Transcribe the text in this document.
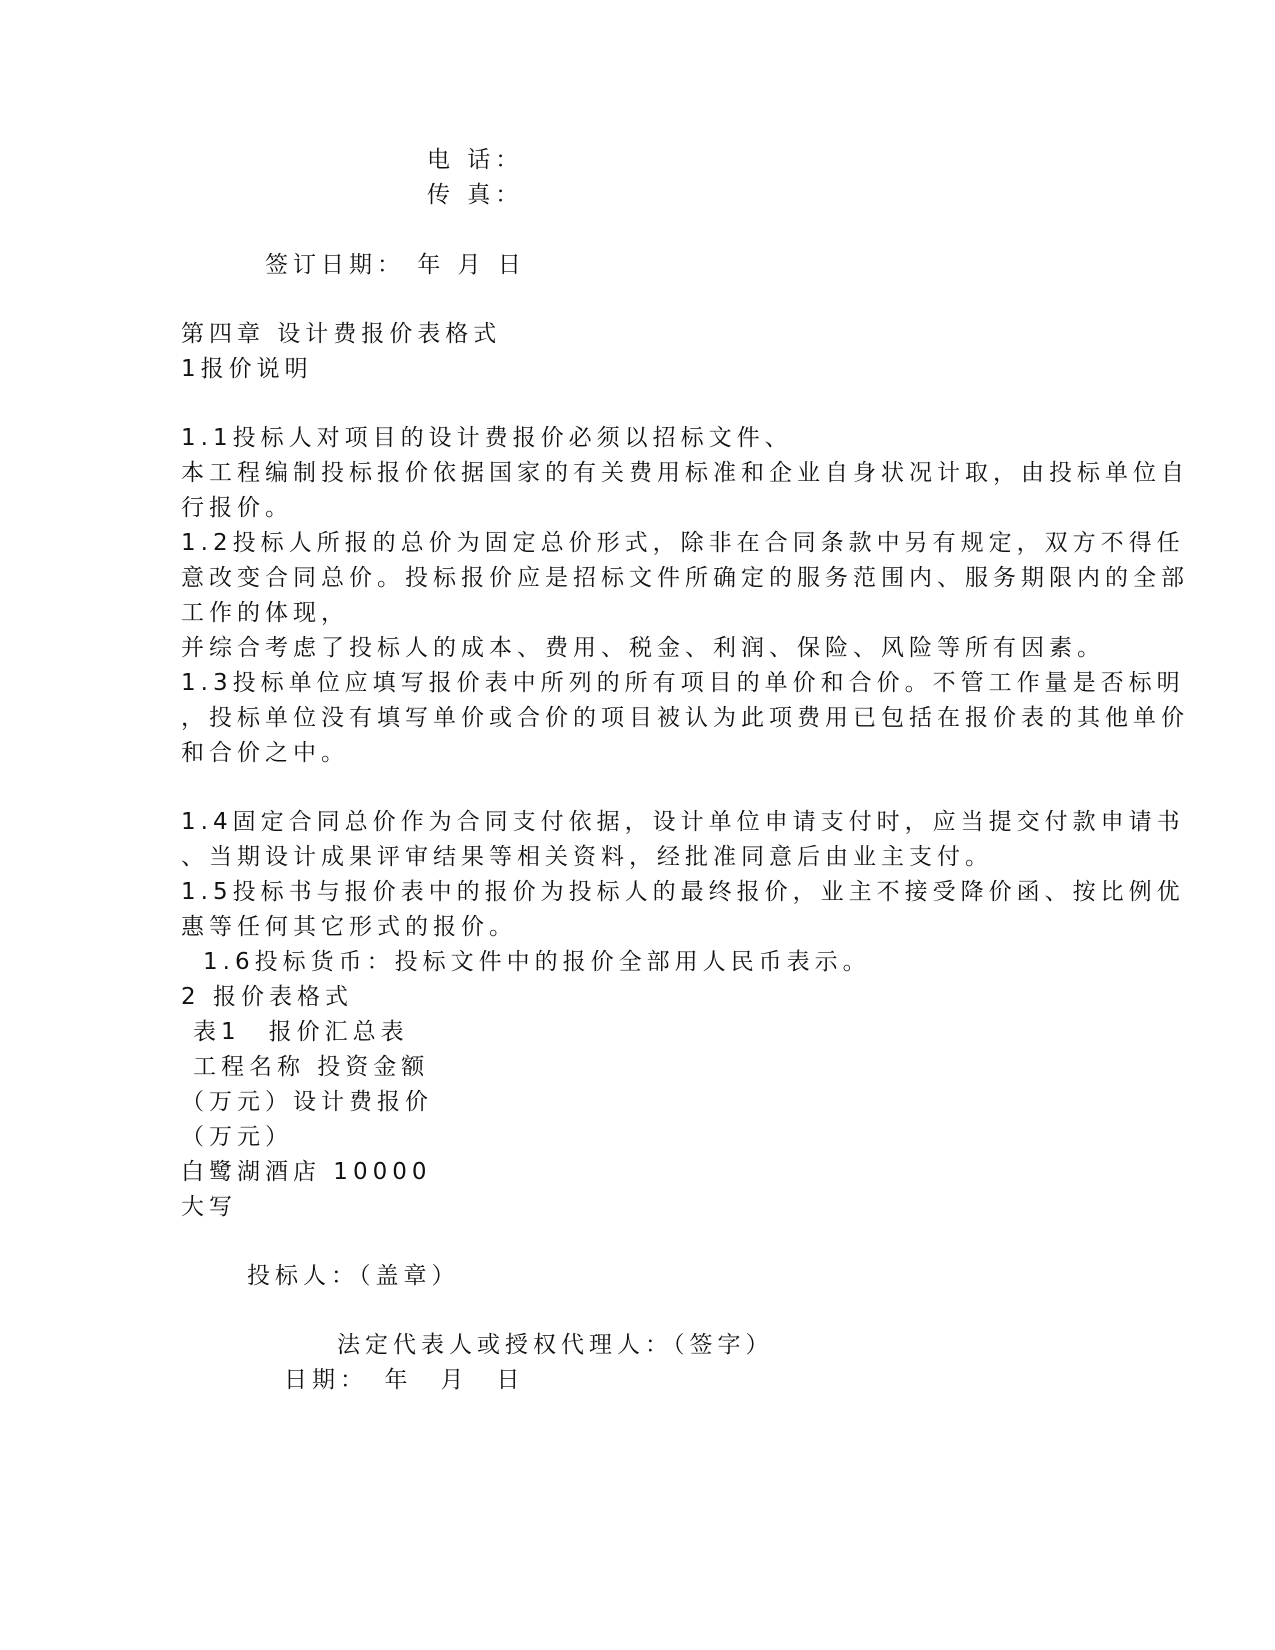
电 话：

传 真：

签订日期： 年 月 日

第四章 设计费报价表格式

1报价说明

1.1投标人对项目的设计费报价必须以招标文件、

本工程编制投标报价依据国家的有关费用标准和企业自身状况计取，由投标单位自

行报价。

1.2投标人所报的总价为固定总价形式，除非在合同条款中另有规定，双方不得任

意改变合同总价。投标报价应是招标文件所确定的服务范围内、服务期限内的全部

工作的体现，

并综合考虑了投标人的成本、费用、税金、利润、保险、风险等所有因素。

1.3投标单位应填写报价表中所列的所有项目的单价和合价。不管工作量是否标明

，投标单位没有填写单价或合价的项目被认为此项费用已包括在报价表的其他单价

和合价之中。

1.4固定合同总价作为合同支付依据，设计单位申请支付时，应当提交付款申请书

、当期设计成果评审结果等相关资料，经批准同意后由业主支付。

1.5投标书与报价表中的报价为投标人的最终报价，业主不接受降价函、按比例优

惠等任何其它形式的报价。

1.6投标货币：投标文件中的报价全部用人民币表示。

2 报价表格式

表1　报价汇总表

工程名称 投资金额

（万元）设计费报价

（万元）

白鹭湖酒店 10000

大写

投标人：（盖章）

法定代表人或授权代理人：（签字）

日期：　年　月　日
